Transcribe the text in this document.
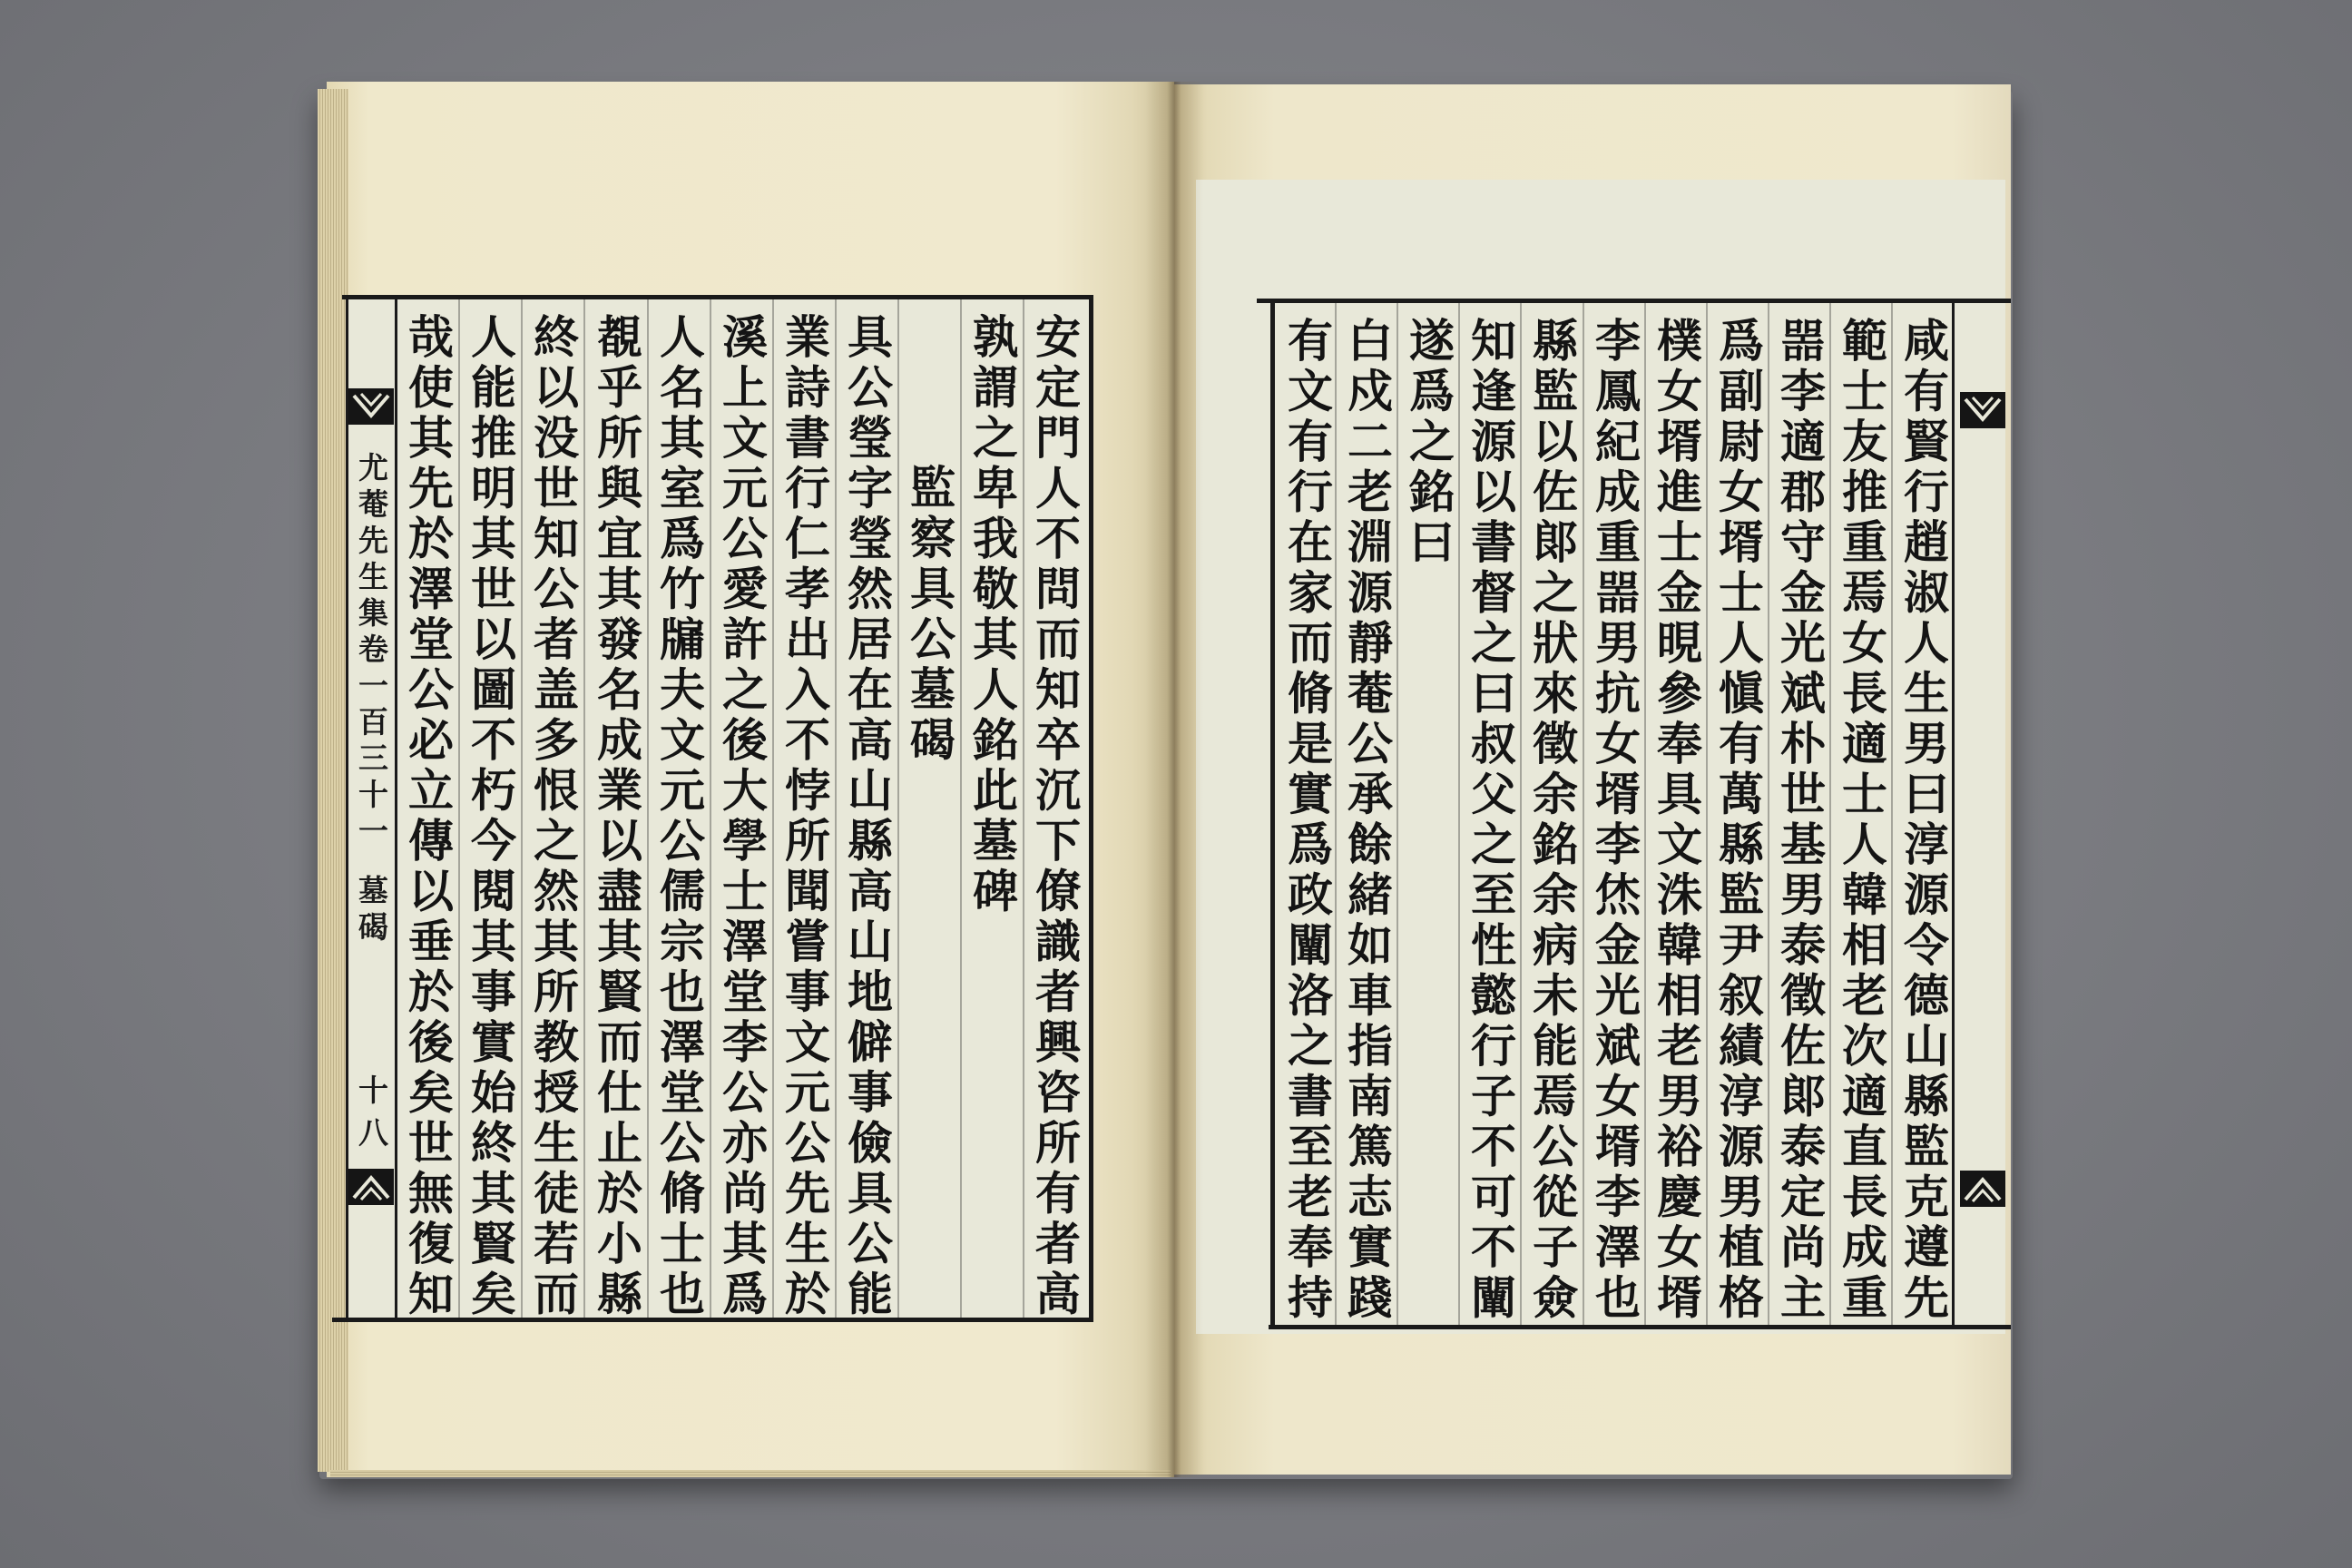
尤菴先生集卷一百三十一
墓碣
十八	安定門人不問而知卒沉下僚識者興咨所有者高
孰謂之卑我敬其人銘此墓碑
監察具公墓碣
具公瑩字瑩然居在高山縣高山地僻事儉具公能
業詩書行仁孝出入不悖所聞嘗事文元公先生於
溪上文元公愛許之後大學士澤堂李公亦尚其爲
人名其室爲竹牖夫文元公儒宗也澤堂公脩士也
覩乎所與宜其發名成業以盡其賢而仕止於小縣
終以没世知公者盖多恨之然其所教授生徒若而
人能推明其世以圖不朽今閱其事實始終其賢矣
哉使其先於澤堂公必立傳以垂於後矣世無復知	咸有賢行趙淑人生男曰淳源令德山縣監克遵先
範士友推重焉女長適士人韓相老次適直長成重
噐李適郡守金光斌朴世基男泰徵佐郞泰定尚主
爲副尉女壻士人愼有萬縣監尹叙績淳源男植格
樸女壻進士金晛參奉具文洙韓相老男裕慶女壻
李鳳紀成重噐男抗女壻李烋金光斌女壻李澤也
縣監以佐郞之狀來徵余銘余病未能焉公從子僉
知逢源以書督之曰叔父之至性懿行子不可不闡
遂爲之銘曰
白戍二老淵源靜菴公承餘緒如車指南篤志實踐
有文有行在家而脩是實爲政闡洛之書至老奉持
